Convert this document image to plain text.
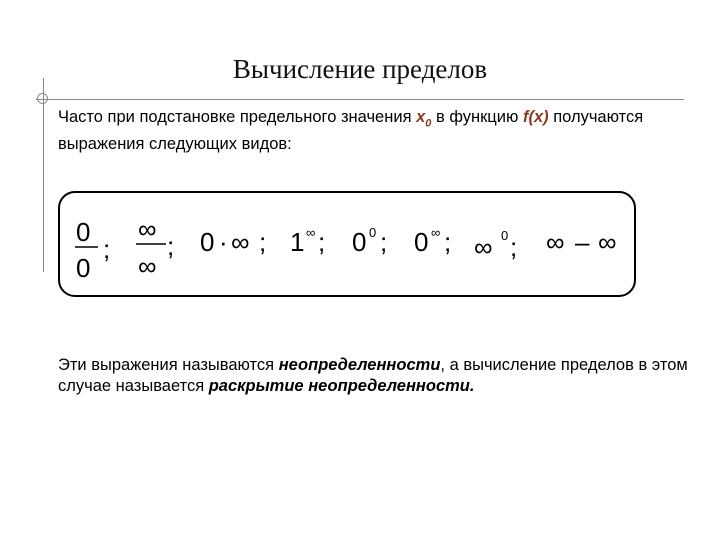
Вычисление пределов
Часто при подстановке предельного значения $x_0$ в функцию f(x) получаются выражения следующих видов:
0
0
;
∞
∞
; 0 · ∞ ; 1 ∞ ; 0 0 ; 0 ∞ ; ∞ 0 ; ∞ – ∞
Эти выражения называются неопределенности, а вычисление пределов в этом случае называется раскрытие неопределенности.
